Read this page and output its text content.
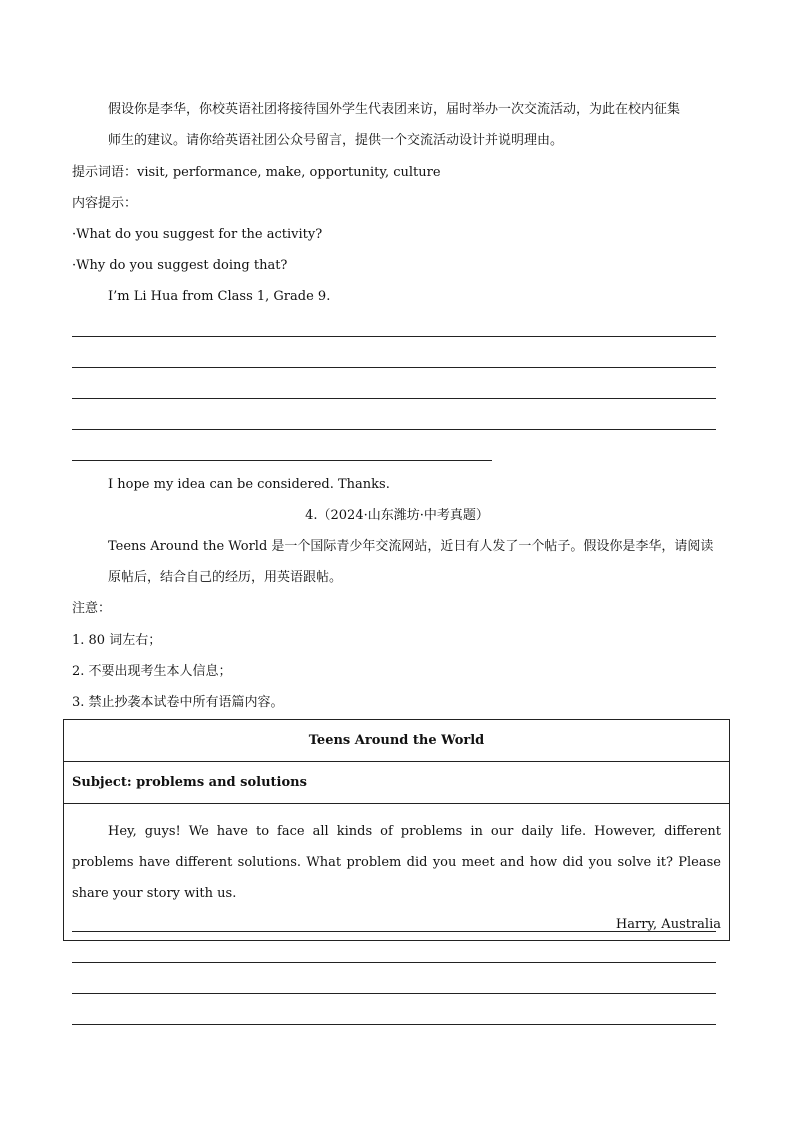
假设你是李华，你校英语社团将接待国外学生代表团来访，届时举办一次交流活动，为此在校内征集
师生的建议。请你给英语社团公众号留言，提供一个交流活动设计并说明理由。
提示词语：visit, performance, make, opportunity, culture
内容提示：
·What do you suggest for the activity?
·Why do you suggest doing that?
I’m Li Hua from Class 1, Grade 9.
I hope my idea can be considered. Thanks.
4.（2024·山东潍坊·中考真题）
Teens Around the World 是一个国际青少年交流网站，近日有人发了一个帖子。假设你是李华，请阅读
原帖后，结合自己的经历，用英语跟帖。
注意：
1. 80 词左右；
2. 不要出现考生本人信息；
3. 禁止抄袭本试卷中所有语篇内容。
Teens Around the World
Subject: problems and solutions

Hey, guys! We have to face all kinds of problems in our daily life. However, different problems have different solutions. What problem did you meet and how did you solve it? Please share your story with us.
Harry, Australia
